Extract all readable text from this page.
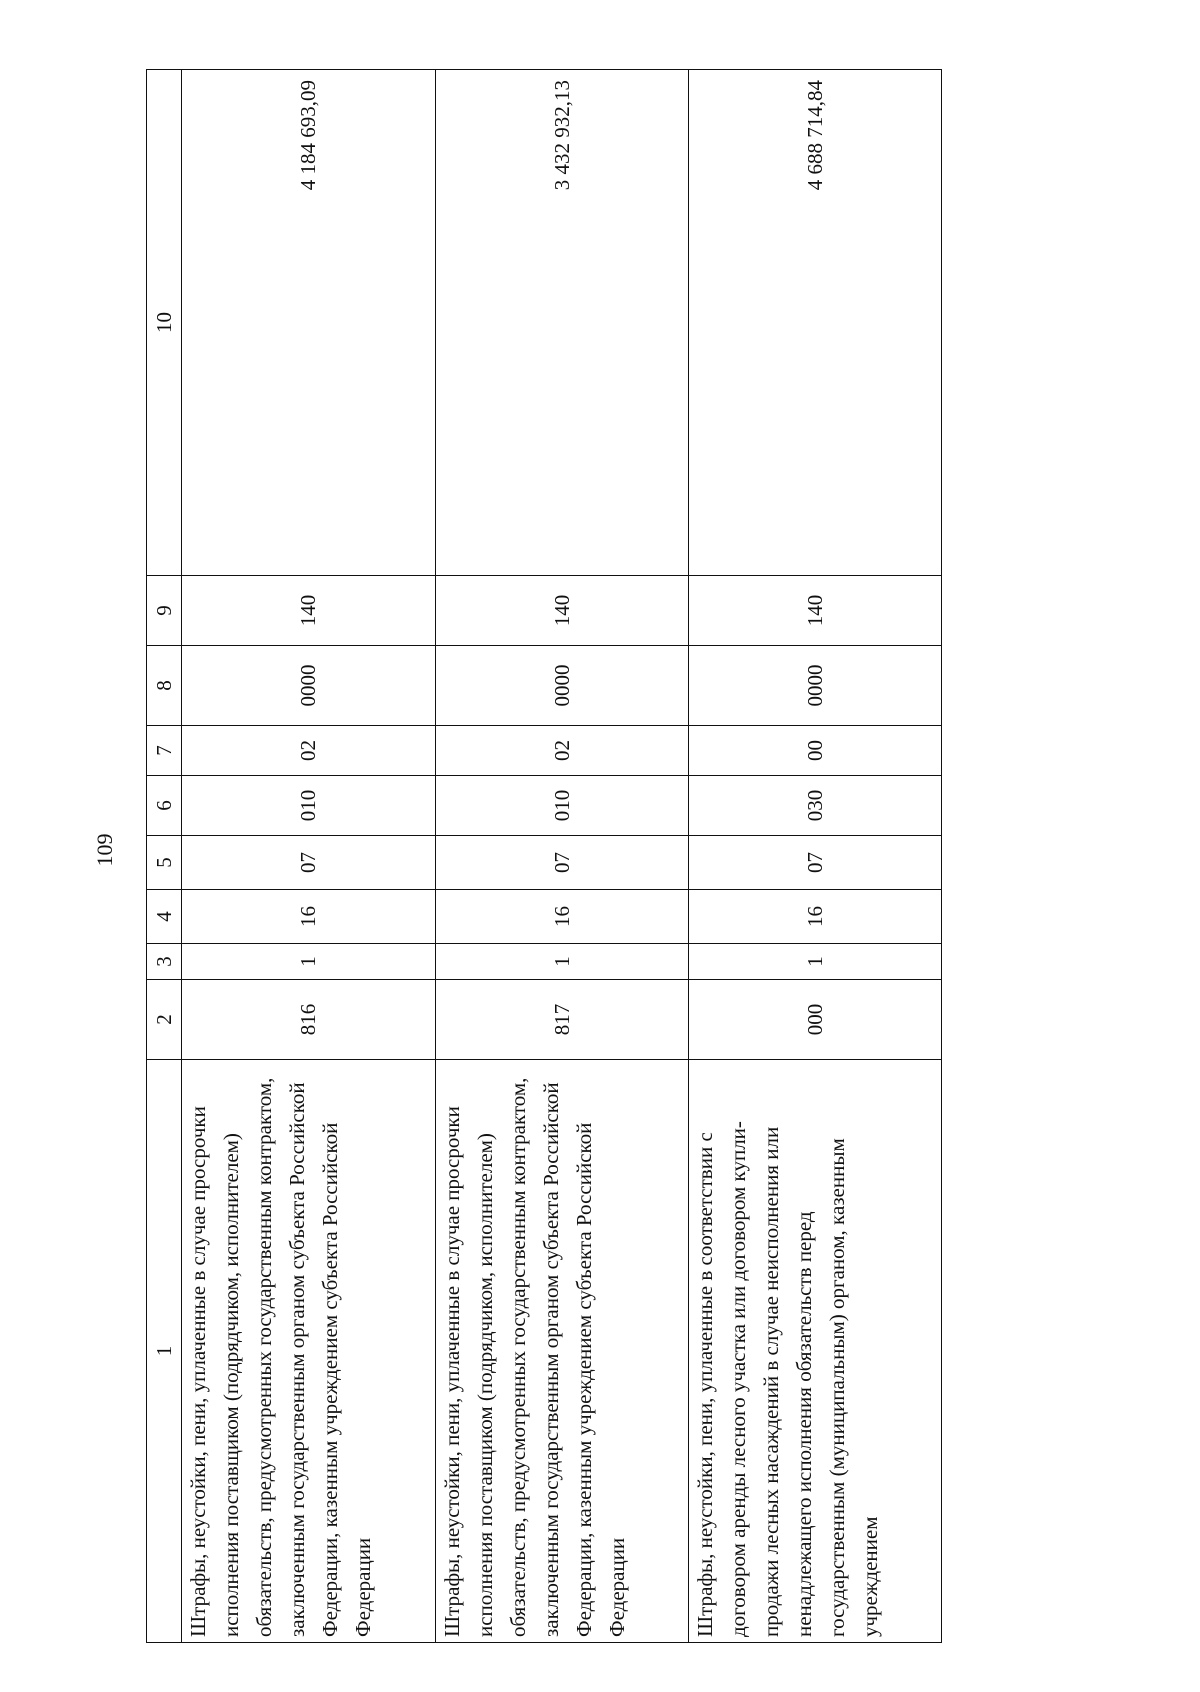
109
1	2	3	4	5	6	7	8	9	10
Штрафы, неустойки, пени, уплаченные в случае просрочки исполнения поставщиком (подрядчиком, исполнителем) обязательств, предусмотренных государственным контрактом, заключенным государственным органом субъекта Российской Федерации, казенным учреждением субъекта Российской Федерации	816	1	16	07	010	02	0000	140	4 184 693,09
Штрафы, неустойки, пени, уплаченные в случае просрочки исполнения поставщиком (подрядчиком, исполнителем) обязательств, предусмотренных государственным контрактом, заключенным государственным органом субъекта Российской Федерации, казенным учреждением субъекта Российской Федерации	817	1	16	07	010	02	0000	140	3 432 932,13
Штрафы, неустойки, пени, уплаченные в соответствии с договором аренды лесного участка или договором купли-продажи лесных насаждений в случае неисполнения или ненадлежащего исполнения обязательств перед государственным (муниципальным) органом, казенным учреждением	000	1	16	07	030	00	0000	140	4 688 714,84
